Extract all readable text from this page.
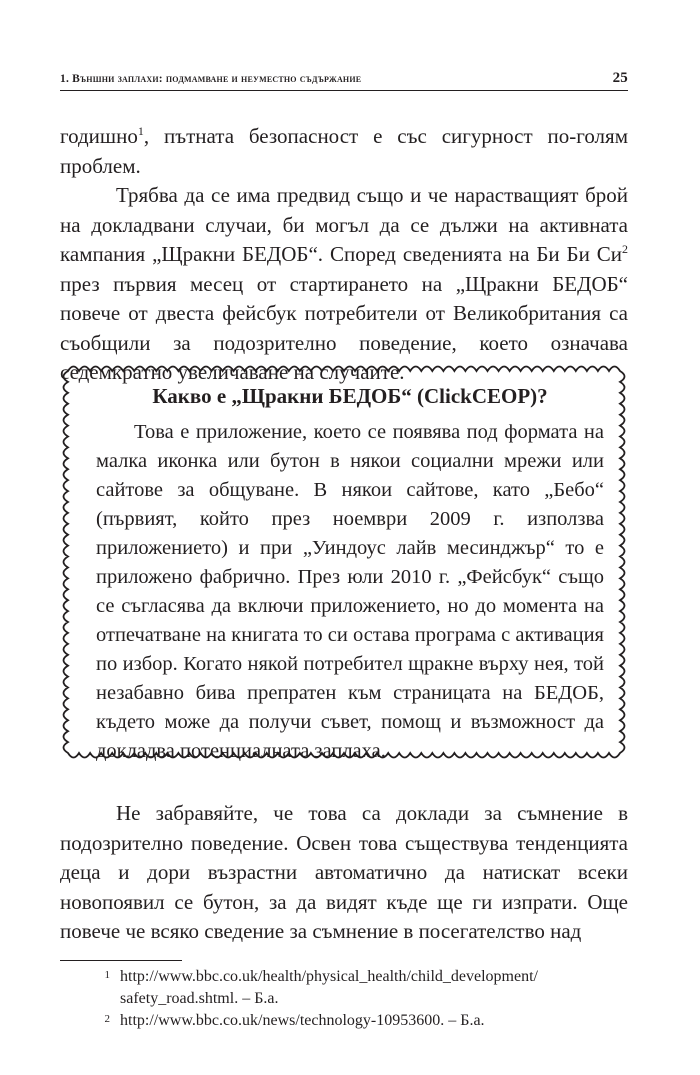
1. Външни заплахи: подмамване и неуместно съдържание	25

годишно$^1$, пътната безопасност е със сигурност по-голям проблем.

Трябва да се има предвид също и че нарастващият брой на докладвани случаи, би могъл да се дължи на активната кампания „Щракни БЕДОБ“. Според сведенията на Би Би $Си^2$ през първия месец от стартирането на „Щракни БЕДОБ“ повече от двеста фейсбук потребители от Великобритания са съобщили за подозрително поведение, което означава седемкратно увеличаване на случаите.

Какво е „Щракни БЕДОБ“ (ClickCEOP)?

Това е приложение, което се появява под формата на малка иконка или бутон в някои социални мрежи или сайтове за общуване. В някои сайтове, като „Бебо“ (първият, който през ноември 2009 г. използва приложението) и при „Уиндоус лайв месинджър“ то е приложено фабрично. През юли 2010 г. „Фейсбук“ също се съгласява да включи приложението, но до момента на отпечатване на книгата то си остава програма с активация по избор. Когато някой потребител щракне върху нея, той незабавно бива препратен към страницата на БЕДОБ, където може да получи съвет, помощ и възможност да докладва потенциалната заплаха.

Не забравяйте, че това са доклади за съмнение в подозрително поведение. Освен това съществува тенденцията деца и дори възрастни автоматично да натискат всеки новопоявил се бутон, за да видят къде ще ги изпрати. Още повече че всяко сведение за съмнение в посегателство над

1 http://www.bbc.co.uk/health/physical_health/child_development/ safety_road.shtml. – Б.а.
2 http://www.bbc.co.uk/news/technology-10953600. – Б.а.
